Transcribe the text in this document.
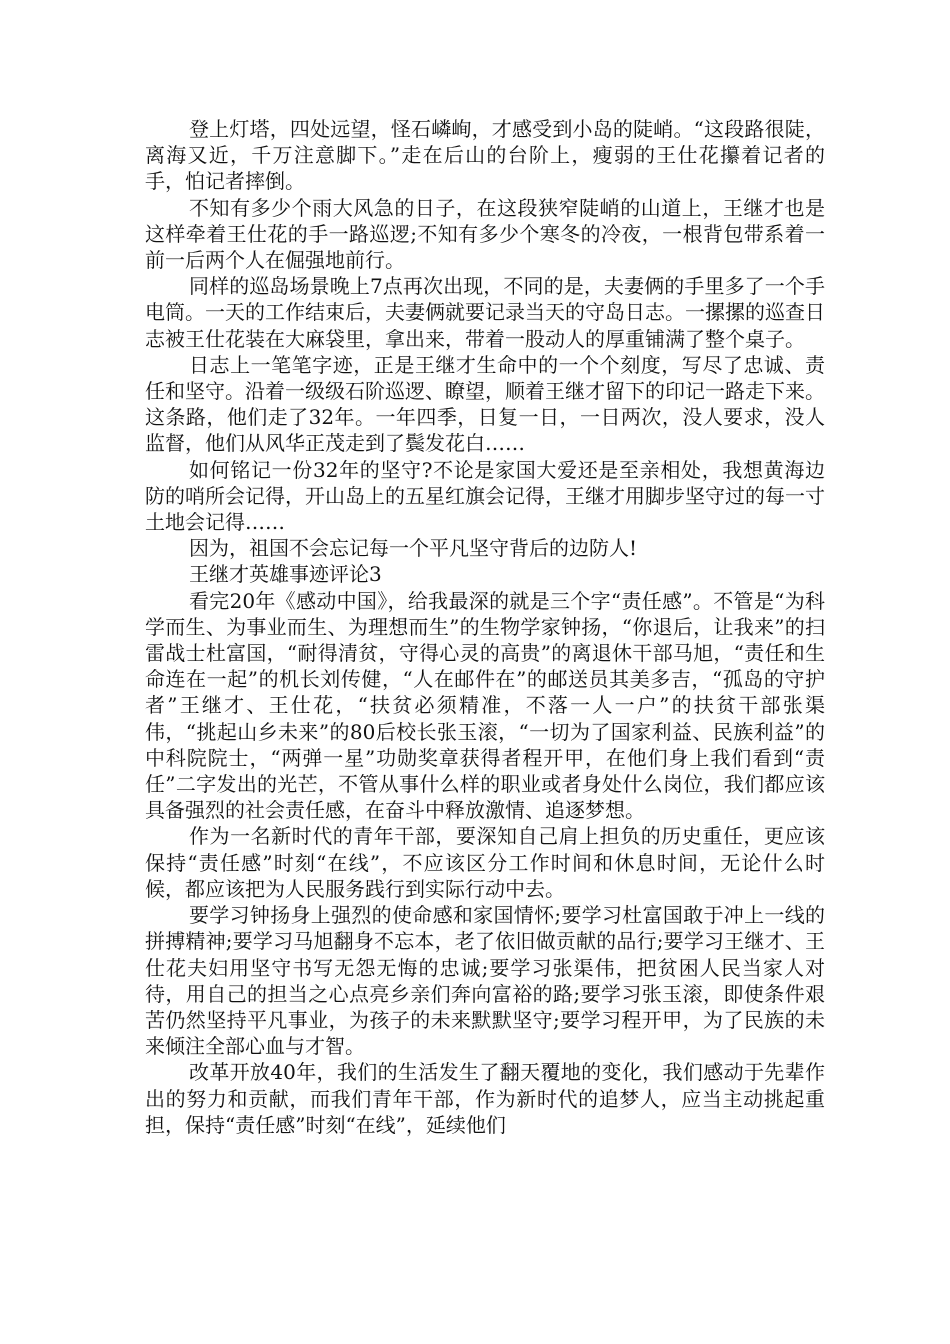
登上灯塔，四处远望，怪石嶙峋，才感受到小岛的陡峭。“这段路很陡，离海又近，千万注意脚下。”走在后山的台阶上，瘦弱的王仕花攥着记者的手，怕记者摔倒。

不知有多少个雨大风急的日子，在这段狭窄陡峭的山道上，王继才也是这样牵着王仕花的手一路巡逻;不知有多少个寒冬的冷夜，一根背包带系着一前一后两个人在倔强地前行。

同样的巡岛场景晚上7点再次出现，不同的是，夫妻俩的手里多了一个手电筒。一天的工作结束后，夫妻俩就要记录当天的守岛日志。一摞摞的巡查日志被王仕花装在大麻袋里，拿出来，带着一股动人的厚重铺满了整个桌子。

日志上一笔笔字迹，正是王继才生命中的一个个刻度，写尽了忠诚、责任和坚守。沿着一级级石阶巡逻、瞭望，顺着王继才留下的印记一路走下来。这条路，他们走了32年。一年四季，日复一日，一日两次，没人要求，没人监督，他们从风华正茂走到了鬓发花白……

如何铭记一份32年的坚守?不论是家国大爱还是至亲相处，我想黄海边防的哨所会记得，开山岛上的五星红旗会记得，王继才用脚步坚守过的每一寸土地会记得……

因为，祖国不会忘记每一个平凡坚守背后的边防人!

王继才英雄事迹评论3

看完20年《感动中国》，给我最深的就是三个字“责任感”。不管是“为科学而生、为事业而生、为理想而生”的生物学家钟扬，“你退后，让我来”的扫雷战士杜富国，“耐得清贫，守得心灵的高贵”的离退休干部马旭，“责任和生命连在一起”的机长刘传健，“人在邮件在”的邮送员其美多吉，“孤岛的守护者”王继才、王仕花，“扶贫必须精准，不落一人一户”的扶贫干部张渠伟，“挑起山乡未来”的80后校长张玉滚，“一切为了国家利益、民族利益”的中科院院士，“两弹一星”功勋奖章获得者程开甲，在他们身上我们看到“责任”二字发出的光芒，不管从事什么样的职业或者身处什么岗位，我们都应该具备强烈的社会责任感，在奋斗中释放激情、追逐梦想。

作为一名新时代的青年干部，要深知自己肩上担负的历史重任，更应该保持“责任感”时刻“在线”，不应该区分工作时间和休息时间，无论什么时候，都应该把为人民服务践行到实际行动中去。

要学习钟扬身上强烈的使命感和家国情怀;要学习杜富国敢于冲上一线的拼搏精神;要学习马旭翻身不忘本，老了依旧做贡献的品行;要学习王继才、王仕花夫妇用坚守书写无怨无悔的忠诚;要学习张渠伟，把贫困人民当家人对待，用自己的担当之心点亮乡亲们奔向富裕的路;要学习张玉滚，即使条件艰苦仍然坚持平凡事业，为孩子的未来默默坚守;要学习程开甲，为了民族的未来倾注全部心血与才智。

改革开放40年，我们的生活发生了翻天覆地的变化，我们感动于先辈作出的努力和贡献，而我们青年干部，作为新时代的追梦人，应当主动挑起重担，保持“责任感”时刻“在线”，延续他们
